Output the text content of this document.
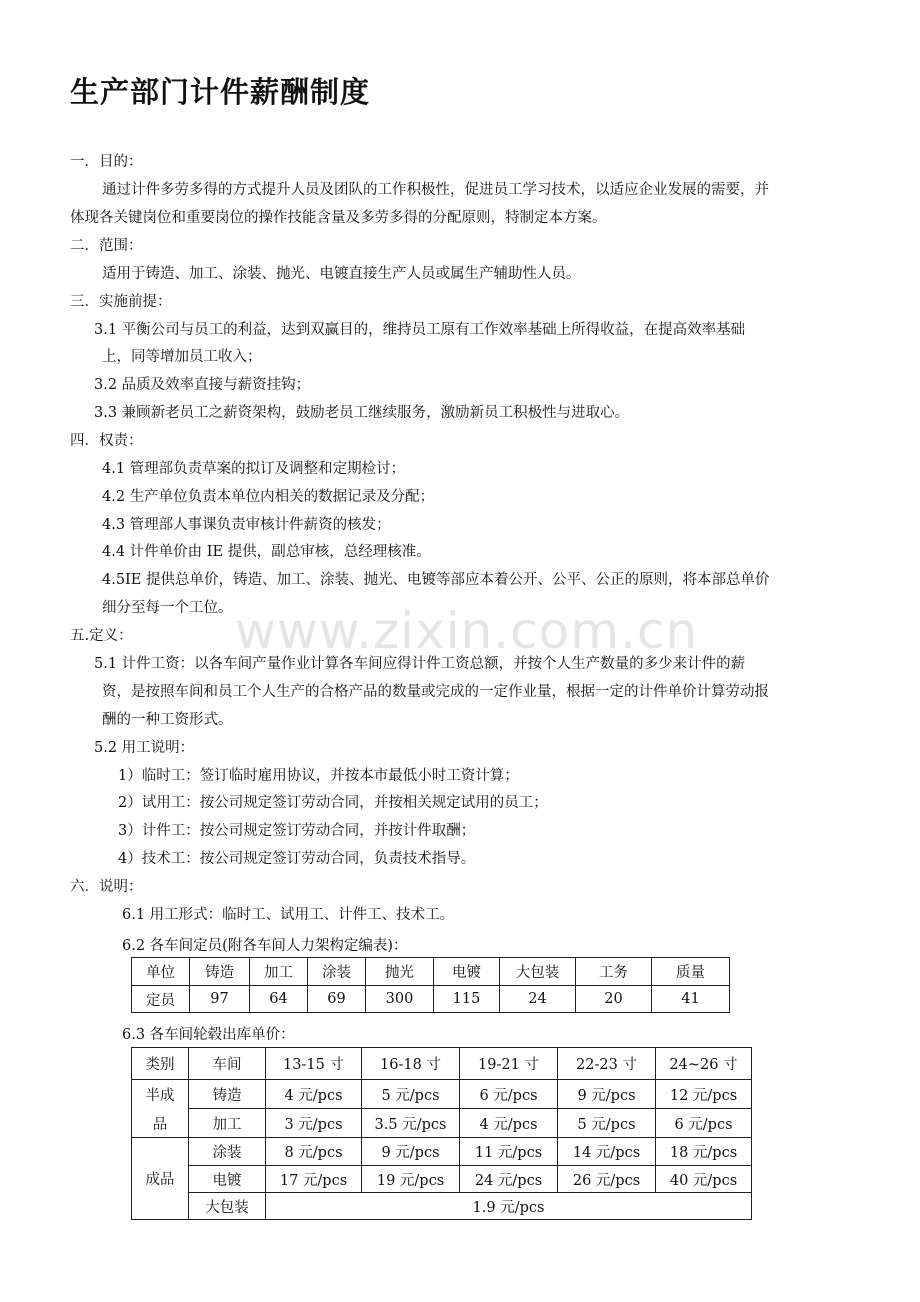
生产部门计件薪酬制度
www.zixin.com.cn
一．目的：
通过计件多劳多得的方式提升人员及团队的工作积极性，促进员工学习技术，以适应企业发展的需要，并
体现各关键岗位和重要岗位的操作技能含量及多劳多得的分配原则，特制定本方案。
二．范围：
适用于铸造、加工、涂装、抛光、电镀直接生产人员或属生产辅助性人员。
三．实施前提：
3.1 平衡公司与员工的利益，达到双赢目的，维持员工原有工作效率基础上所得收益，在提高效率基础
上，同等增加员工收入；
3.2 品质及效率直接与薪资挂钩；
3.3 兼顾新老员工之薪资架构，鼓励老员工继续服务，激励新员工积极性与进取心。
四．权责：
4.1 管理部负责草案的拟订及调整和定期检讨；
4.2 生产单位负责本单位内相关的数据记录及分配；
4.3 管理部人事课负责审核计件薪资的核发；
4.4 计件单价由 IE 提供，副总审核，总经理核准。
4.5IE 提供总单价，铸造、加工、涂装、抛光、电镀等部应本着公开、公平、公正的原则，将本部总单价
细分至每一个工位。
五.定义：
5.1 计件工资：以各车间产量作业计算各车间应得计件工资总额，并按个人生产数量的多少来计件的薪
资，是按照车间和员工个人生产的合格产品的数量或完成的一定作业量，根据一定的计件单价计算劳动报
酬的一种工资形式。
5.2 用工说明：
1）临时工：签订临时雇用协议，并按本市最低小时工资计算；
2）试用工：按公司规定签订劳动合同，并按相关规定试用的员工；
3）计件工：按公司规定签订劳动合同，并按计件取酬；
4）技术工：按公司规定签订劳动合同，负责技术指导。
六．说明：
6.1 用工形式：临时工、试用工、计件工、技术工。
6.2 各车间定员(附各车间人力架构定编表)：
单位	铸造	加工	涂装	抛光	电镀	大包装	工务	质量
定员	97	64	69	300	115	24	20	41
6.3 各车间轮毂出库单价：
类别	车间	13-15 寸	16-18 寸	19-21 寸	22-23 寸	24~26 寸

半成
品	铸造	4 元/pcs	5 元/pcs	6 元/pcs	9 元/pcs	12 元/pcs
	加工	3 元/pcs	3.5 元/pcs	4 元/pcs	5 元/pcs	6 元/pcs
成品	涂装	8 元/pcs	9 元/pcs	11 元/pcs	14 元/pcs	18 元/pcs
	电镀	17 元/pcs	19 元/pcs	24 元/pcs	26 元/pcs	40 元/pcs
	大包装	1.9 元/pcs				
